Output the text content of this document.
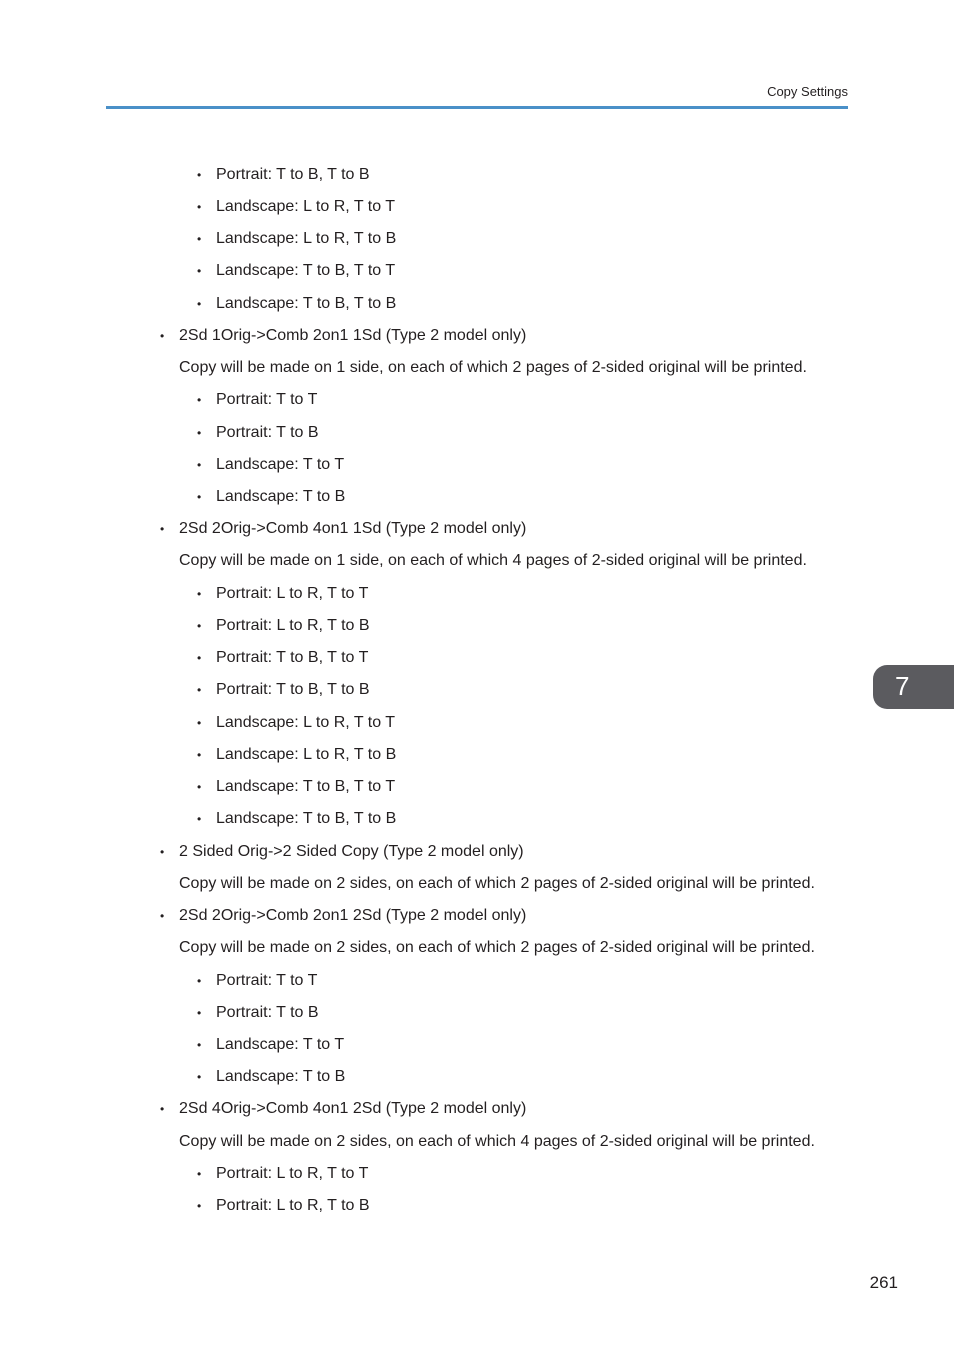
Copy Settings
7
• Portrait: T to B, T to B
• Landscape: L to R, T to T
• Landscape: L to R, T to B
• Landscape: T to B, T to T
• Landscape: T to B, T to B
• 2Sd 1Orig->Comb 2on1 1Sd (Type 2 model only)
Copy will be made on 1 side, on each of which 2 pages of 2-sided original will be printed.
• Portrait: T to T
• Portrait: T to B
• Landscape: T to T
• Landscape: T to B
• 2Sd 2Orig->Comb 4on1 1Sd (Type 2 model only)
Copy will be made on 1 side, on each of which 4 pages of 2-sided original will be printed.
• Portrait: L to R, T to T
• Portrait: L to R, T to B
• Portrait: T to B, T to T
• Portrait: T to B, T to B
• Landscape: L to R, T to T
• Landscape: L to R, T to B
• Landscape: T to B, T to T
• Landscape: T to B, T to B
• 2 Sided Orig->2 Sided Copy (Type 2 model only)
Copy will be made on 2 sides, on each of which 2 pages of 2-sided original will be printed.
• 2Sd 2Orig->Comb 2on1 2Sd (Type 2 model only)
Copy will be made on 2 sides, on each of which 2 pages of 2-sided original will be printed.
• Portrait: T to T
• Portrait: T to B
• Landscape: T to T
• Landscape: T to B
• 2Sd 4Orig->Comb 4on1 2Sd (Type 2 model only)
Copy will be made on 2 sides, on each of which 4 pages of 2-sided original will be printed.
• Portrait: L to R, T to T
• Portrait: L to R, T to B
261
